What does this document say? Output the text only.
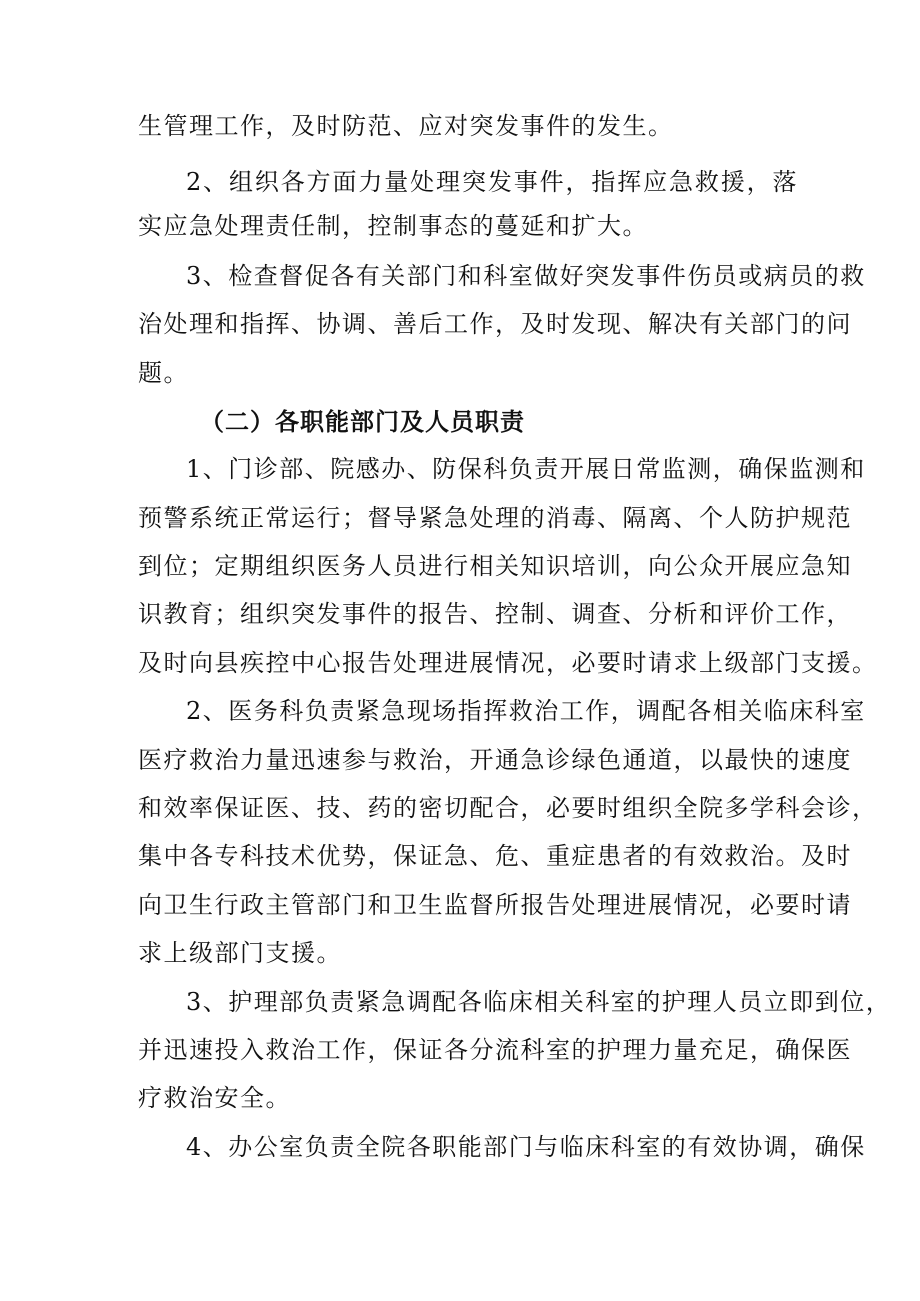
生管理工作，及时防范、应对突发事件的发生。
2、组织各方面力量处理突发事件，指挥应急救援，落
实应急处理责任制，控制事态的蔓延和扩大。
3、检查督促各有关部门和科室做好突发事件伤员或病员的救
治处理和指挥、协调、善后工作，及时发现、解决有关部门的问
题。
（二）各职能部门及人员职责
1、门诊部、院感办、防保科负责开展日常监测，确保监测和
预警系统正常运行；督导紧急处理的消毒、隔离、个人防护规范
到位；定期组织医务人员进行相关知识培训，向公众开展应急知
识教育；组织突发事件的报告、控制、调查、分析和评价工作，
及时向县疾控中心报告处理进展情况，必要时请求上级部门支援。
2、医务科负责紧急现场指挥救治工作，调配各相关临床科室
医疗救治力量迅速参与救治，开通急诊绿色通道，以最快的速度
和效率保证医、技、药的密切配合，必要时组织全院多学科会诊，
集中各专科技术优势，保证急、危、重症患者的有效救治。及时
向卫生行政主管部门和卫生监督所报告处理进展情况，必要时请
求上级部门支援。
3、护理部负责紧急调配各临床相关科室的护理人员立即到位，
并迅速投入救治工作，保证各分流科室的护理力量充足，确保医
疗救治安全。
4、办公室负责全院各职能部门与临床科室的有效协调，确保
